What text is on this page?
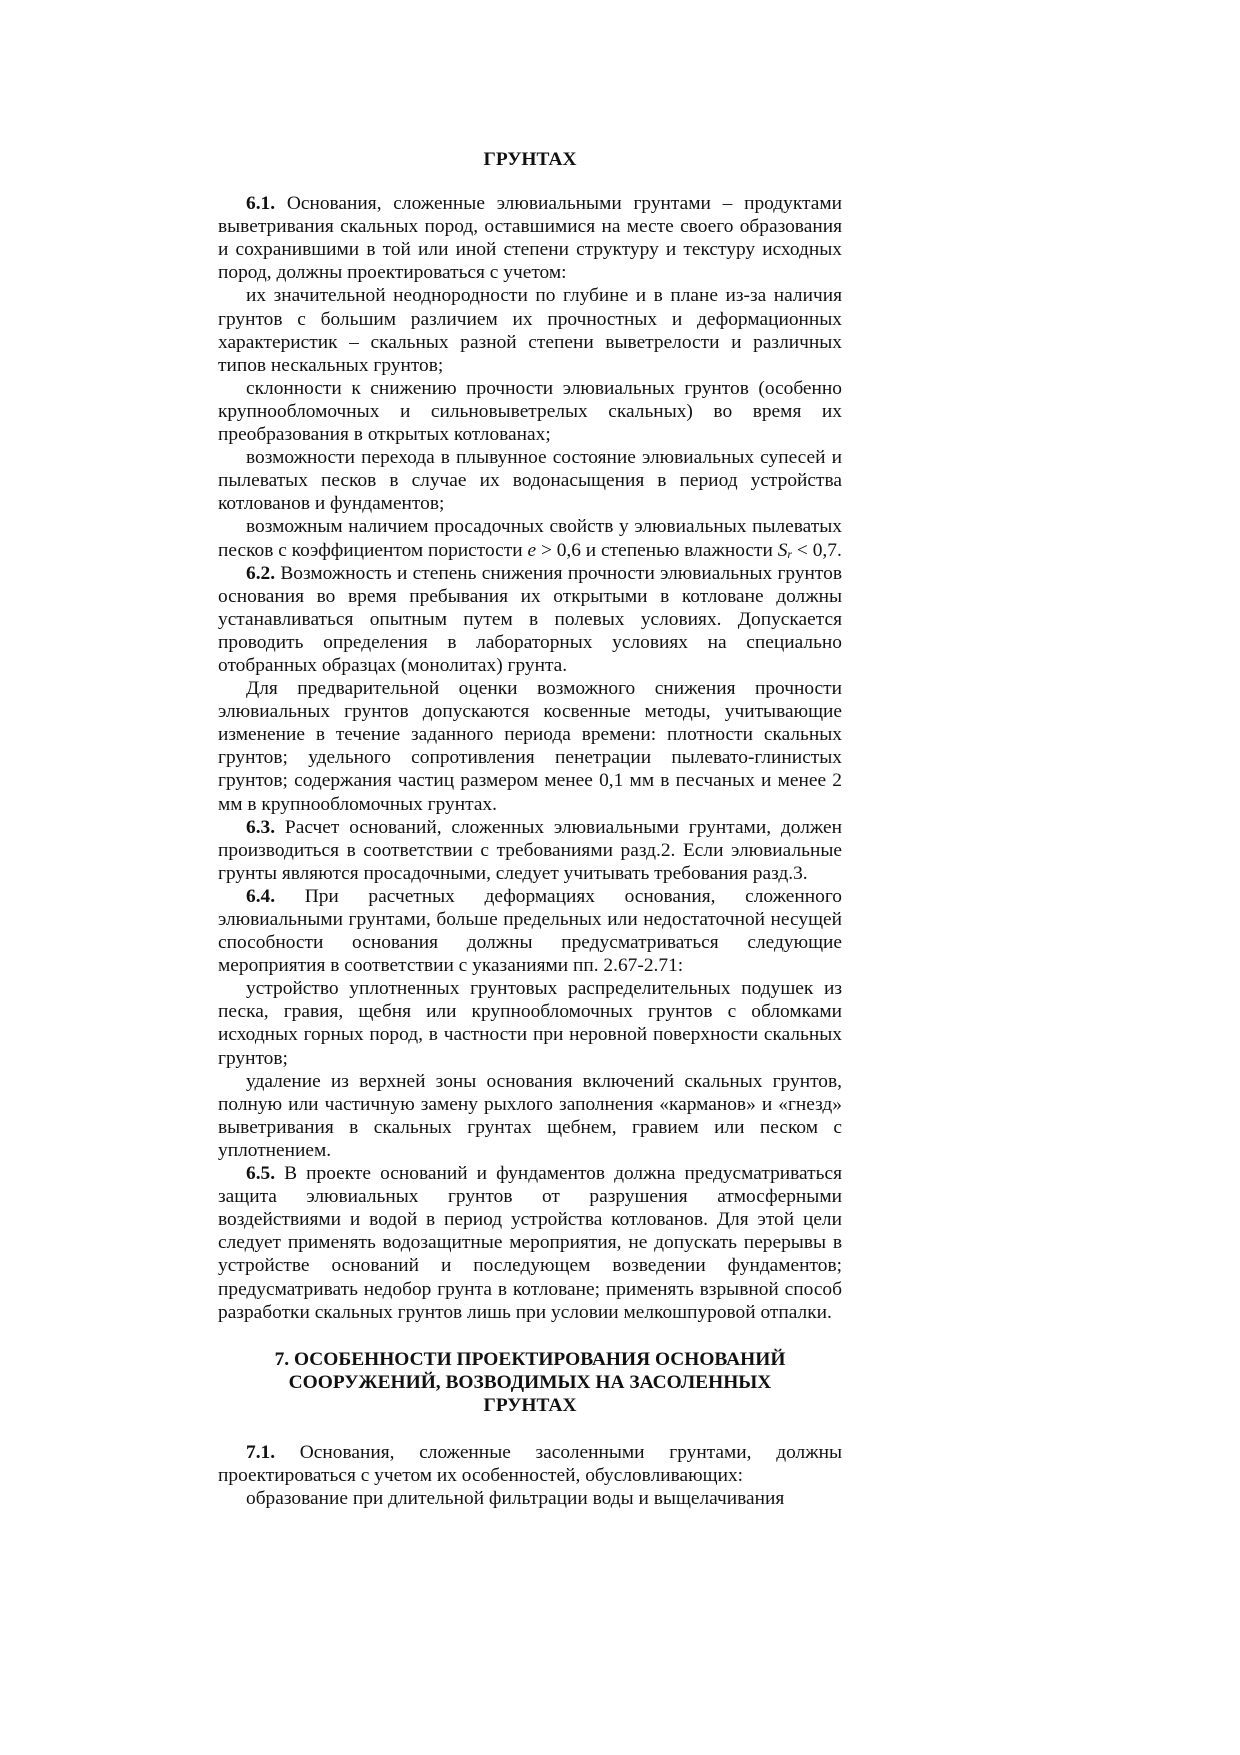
ГРУНТАХ

6.1. Основания, сложенные элювиальными грунтами – продуктами выветривания скальных пород, оставшимися на месте своего образования и сохранившими в той или иной степени структуру и текстуру исходных пород, должны проектироваться с учетом:

их значительной неоднородности по глубине и в плане из-за наличия грунтов с большим различием их прочностных и деформационных характеристик – скальных разной степени выветрелости и различных типов нескальных грунтов;

склонности к снижению прочности элювиальных грунтов (особенно крупнообломочных и сильновыветрелых скальных) во время их преобразования в открытых котлованах;

возможности перехода в плывунное состояние элювиальных супесей и пылеватых песков в случае их водонасыщения в период устройства котлованов и фундаментов;

возможным наличием просадочных свойств у элювиальных пылеватых песков с коэффициентом пористости e > 0,6 и степенью влажности $S_r < 0,7$.

6.2. Возможность и степень снижения прочности элювиальных грунтов основания во время пребывания их открытыми в котловане должны устанавливаться опытным путем в полевых условиях. Допускается проводить определения в лабораторных условиях на специально отобранных образцах (монолитах) грунта.

Для предварительной оценки возможного снижения прочности элювиальных грунтов допускаются косвенные методы, учитывающие изменение в течение заданного периода времени: плотности скальных грунтов; удельного сопротивления пенетрации пылевато-глинистых грунтов; содержания частиц размером менее 0,1 мм в песчаных и менее 2 мм в крупнообломочных грунтах.

6.3. Расчет оснований, сложенных элювиальными грунтами, должен производиться в соответствии с требованиями разд.2. Если элювиальные грунты являются просадочными, следует учитывать требования разд.3.

6.4. При расчетных деформациях основания, сложенного элювиальными грунтами, больше предельных или недостаточной несущей способности основания должны предусматриваться следующие мероприятия в соответствии с указаниями пп. 2.67-2.71:

устройство уплотненных грунтовых распределительных подушек из песка, гравия, щебня или крупнообломочных грунтов с обломками исходных горных пород, в частности при неровной поверхности скальных грунтов;

удаление из верхней зоны основания включений скальных грунтов, полную или частичную замену рыхлого заполнения «карманов» и «гнезд» выветривания в скальных грунтах щебнем, гравием или песком с уплотнением.

6.5. В проекте оснований и фундаментов должна предусматриваться защита элювиальных грунтов от разрушения атмосферными воздействиями и водой в период устройства котлованов. Для этой цели следует применять водозащитные мероприятия, не допускать перерывы в устройстве оснований и последующем возведении фундаментов; предусматривать недобор грунта в котловане; применять взрывной способ разработки скальных грунтов лишь при условии мелкошпуровой отпалки.

7. ОСОБЕННОСТИ ПРОЕКТИРОВАНИЯ ОСНОВАНИЙ
СООРУЖЕНИЙ, ВОЗВОДИМЫХ НА ЗАСОЛЕННЫХ
ГРУНТАХ

7.1. Основания, сложенные засоленными грунтами, должны проектироваться с учетом их особенностей, обусловливающих:

образование при длительной фильтрации воды и выщелачивания
